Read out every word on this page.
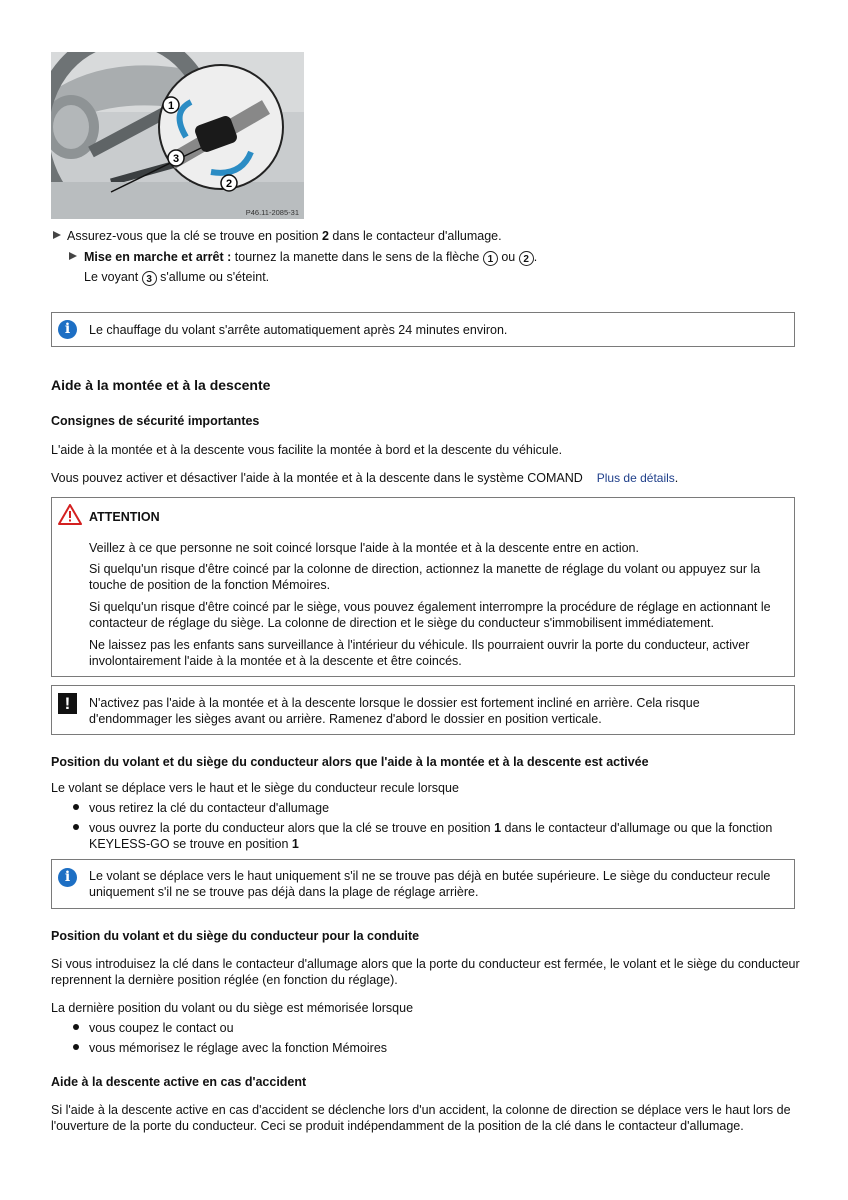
1
2
3
P46.11-2085-31

Assurez-vous que la clé se trouve en position 2 dans le contacteur d'allumage.

Mise en marche et arrêt : tournez la manette dans le sens de la flèche 1 ou 2 .

Le voyant 3 s'allume ou s'éteint.

i	Le chauffage du volant s'arrête automatiquement après 24 minutes environ.

Aide à la montée et à la descente

Consignes de sécurité importantes

L'aide à la montée et à la descente vous facilite la montée à bord et la descente du véhicule.

Vous pouvez activer et désactiver l'aide à la montée et à la descente dans le système COMAND Plus de détails.

ATTENTION

Veillez à ce que personne ne soit coincé lorsque l'aide à la montée et à la descente entre en action.

Si quelqu'un risque d'être coincé par la colonne de direction, actionnez la manette de réglage du volant ou appuyez sur la touche de position de la fonction Mémoires.

Si quelqu'un risque d'être coincé par le siège, vous pouvez également interrompre la procédure de réglage en actionnant le contacteur de réglage du siège. La colonne de direction et le siège du conducteur s'immobilisent immédiatement.

Ne laissez pas les enfants sans surveillance à l'intérieur du véhicule. Ils pourraient ouvrir la porte du conducteur, activer involontairement l'aide à la montée et à la descente et être coincés.

!	N'activez pas l'aide à la montée et à la descente lorsque le dossier est fortement incliné en arrière. Cela risque d'endommager les sièges avant ou arrière. Ramenez d'abord le dossier en position verticale.

Position du volant et du siège du conducteur alors que l'aide à la montée et à la descente est activée

Le volant se déplace vers le haut et le siège du conducteur recule lorsque

vous retirez la clé du contacteur d'allumage

vous ouvrez la porte du conducteur alors que la clé se trouve en position 1 dans le contacteur d'allumage ou que la fonction KEYLESS-GO se trouve en position 1

i	Le volant se déplace vers le haut uniquement s'il ne se trouve pas déjà en butée supérieure. Le siège du conducteur recule uniquement s'il ne se trouve pas déjà dans la plage de réglage arrière.

Position du volant et du siège du conducteur pour la conduite

Si vous introduisez la clé dans le contacteur d'allumage alors que la porte du conducteur est fermée, le volant et le siège du conducteur reprennent la dernière position réglée (en fonction du réglage).

La dernière position du volant ou du siège est mémorisée lorsque

vous coupez le contact ou

vous mémorisez le réglage avec la fonction Mémoires

Aide à la descente active en cas d'accident

Si l'aide à la descente active en cas d'accident se déclenche lors d'un accident, la colonne de direction se déplace vers le haut lors de l'ouverture de la porte du conducteur. Ceci se produit indépendamment de la position de la clé dans le contacteur d'allumage.
